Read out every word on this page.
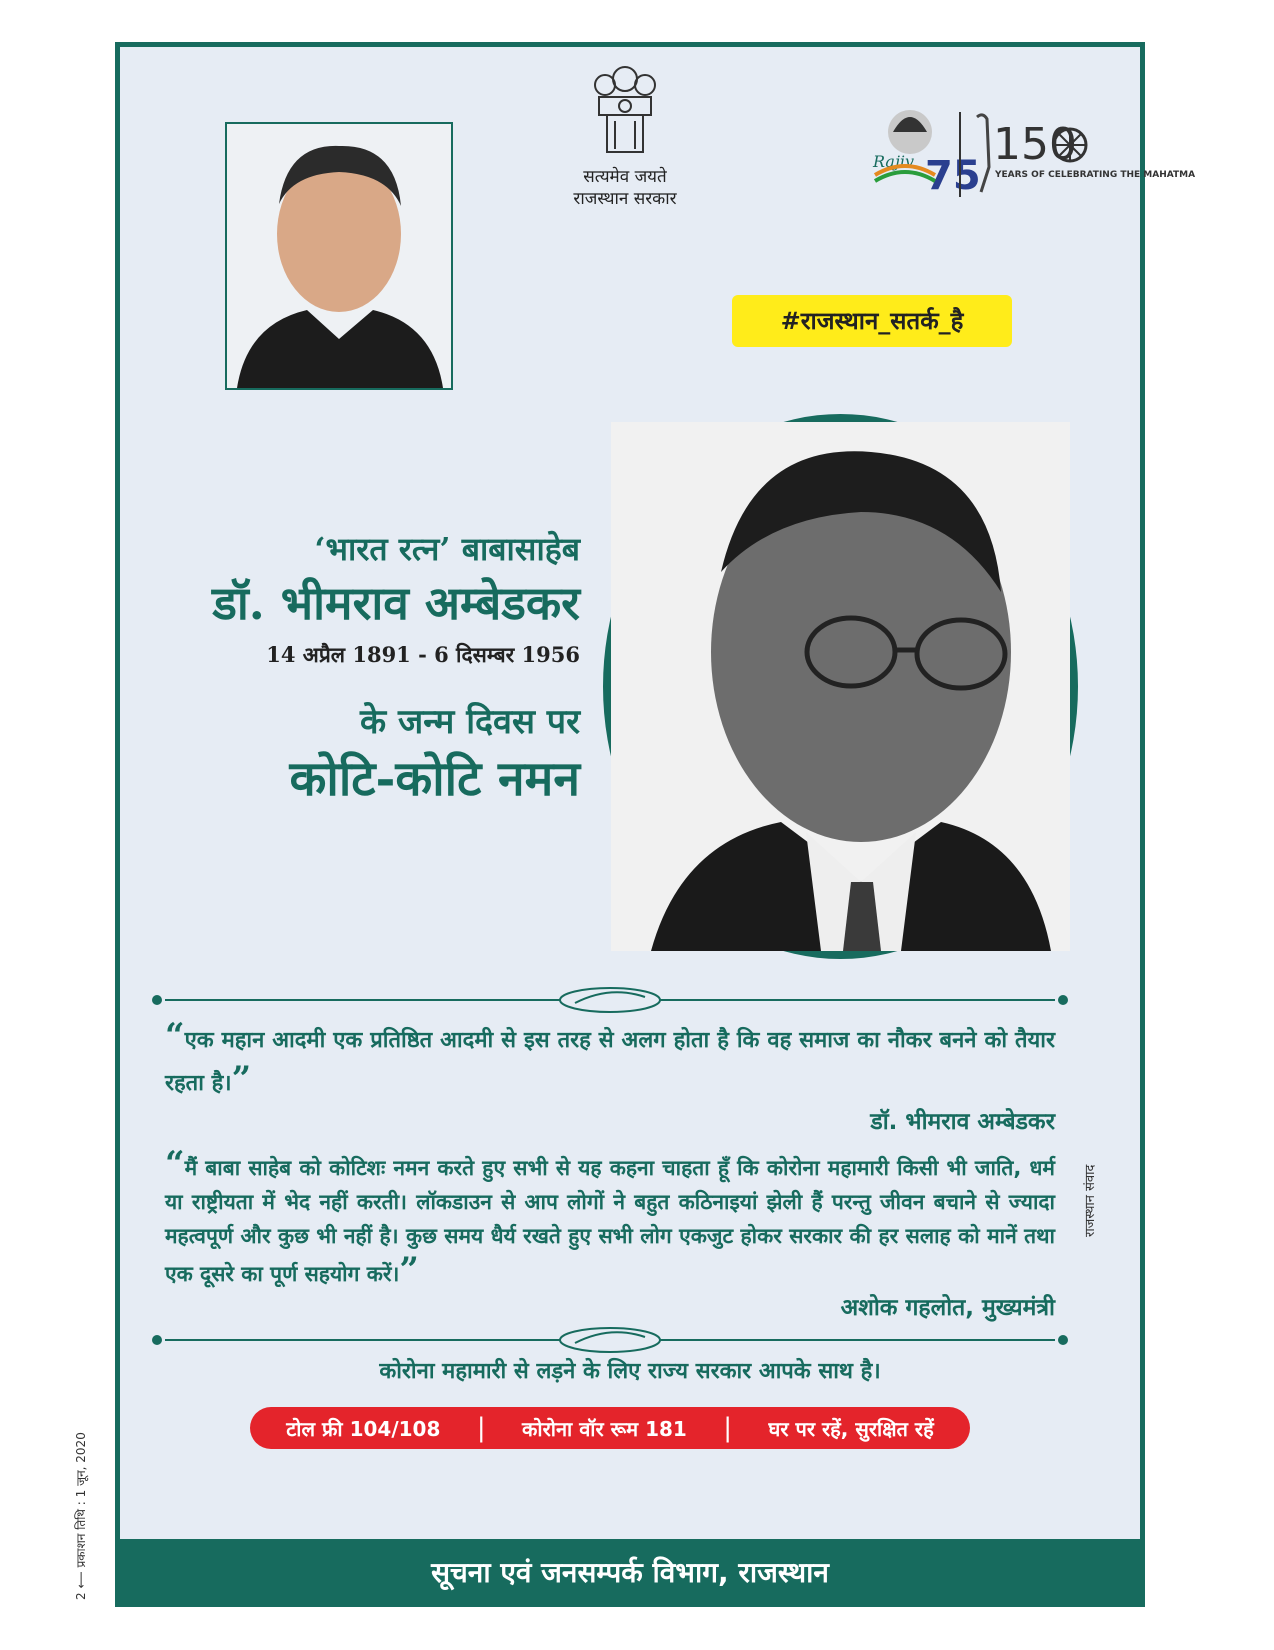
सत्यमेव जयते
राजस्थान सरकार
Rajiv 75
150
YEARS OF CELEBRATING THE MAHATMA
#राजस्थान_सतर्क_है
‘भारत रत्न’ बाबासाहेब
डॉ. भीमराव अम्बेडकर
14 अप्रैल 1891 - 6 दिसम्बर 1956
के जन्म दिवस पर
कोटि-कोटि नमन
“एक महान आदमी एक प्रतिष्ठित आदमी से इस तरह से अलग होता है कि वह समाज का नौकर बनने को तैयार रहता है।”
डॉ. भीमराव अम्बेडकर
“मैं बाबा साहेब को कोटिशः नमन करते हुए सभी से यह कहना चाहता हूँ कि कोरोना महामारी किसी भी जाति, धर्म या राष्ट्रीयता में भेद नहीं करती। लॉकडाउन से आप लोगों ने बहुत कठिनाइयां झेली हैं परन्तु जीवन बचाने से ज्यादा महत्वपूर्ण और कुछ भी नहीं है। कुछ समय धैर्य रखते हुए सभी लोग एकजुट होकर सरकार की हर सलाह को मानें तथा एक दूसरे का पूर्ण सहयोग करें।”
अशोक गहलोत, मुख्यमंत्री
राजस्थान संवाद
कोरोना महामारी से लड़ने के लिए राज्य सरकार आपके साथ है।
टोल फ्री 104/108 | कोरोना वॉर रूम 181 | घर पर रहें, सुरक्षित रहें
सूचना एवं जनसम्पर्क विभाग, राजस्थान
2 ⟵ प्रकाशन तिथि : 1 जून, 2020
